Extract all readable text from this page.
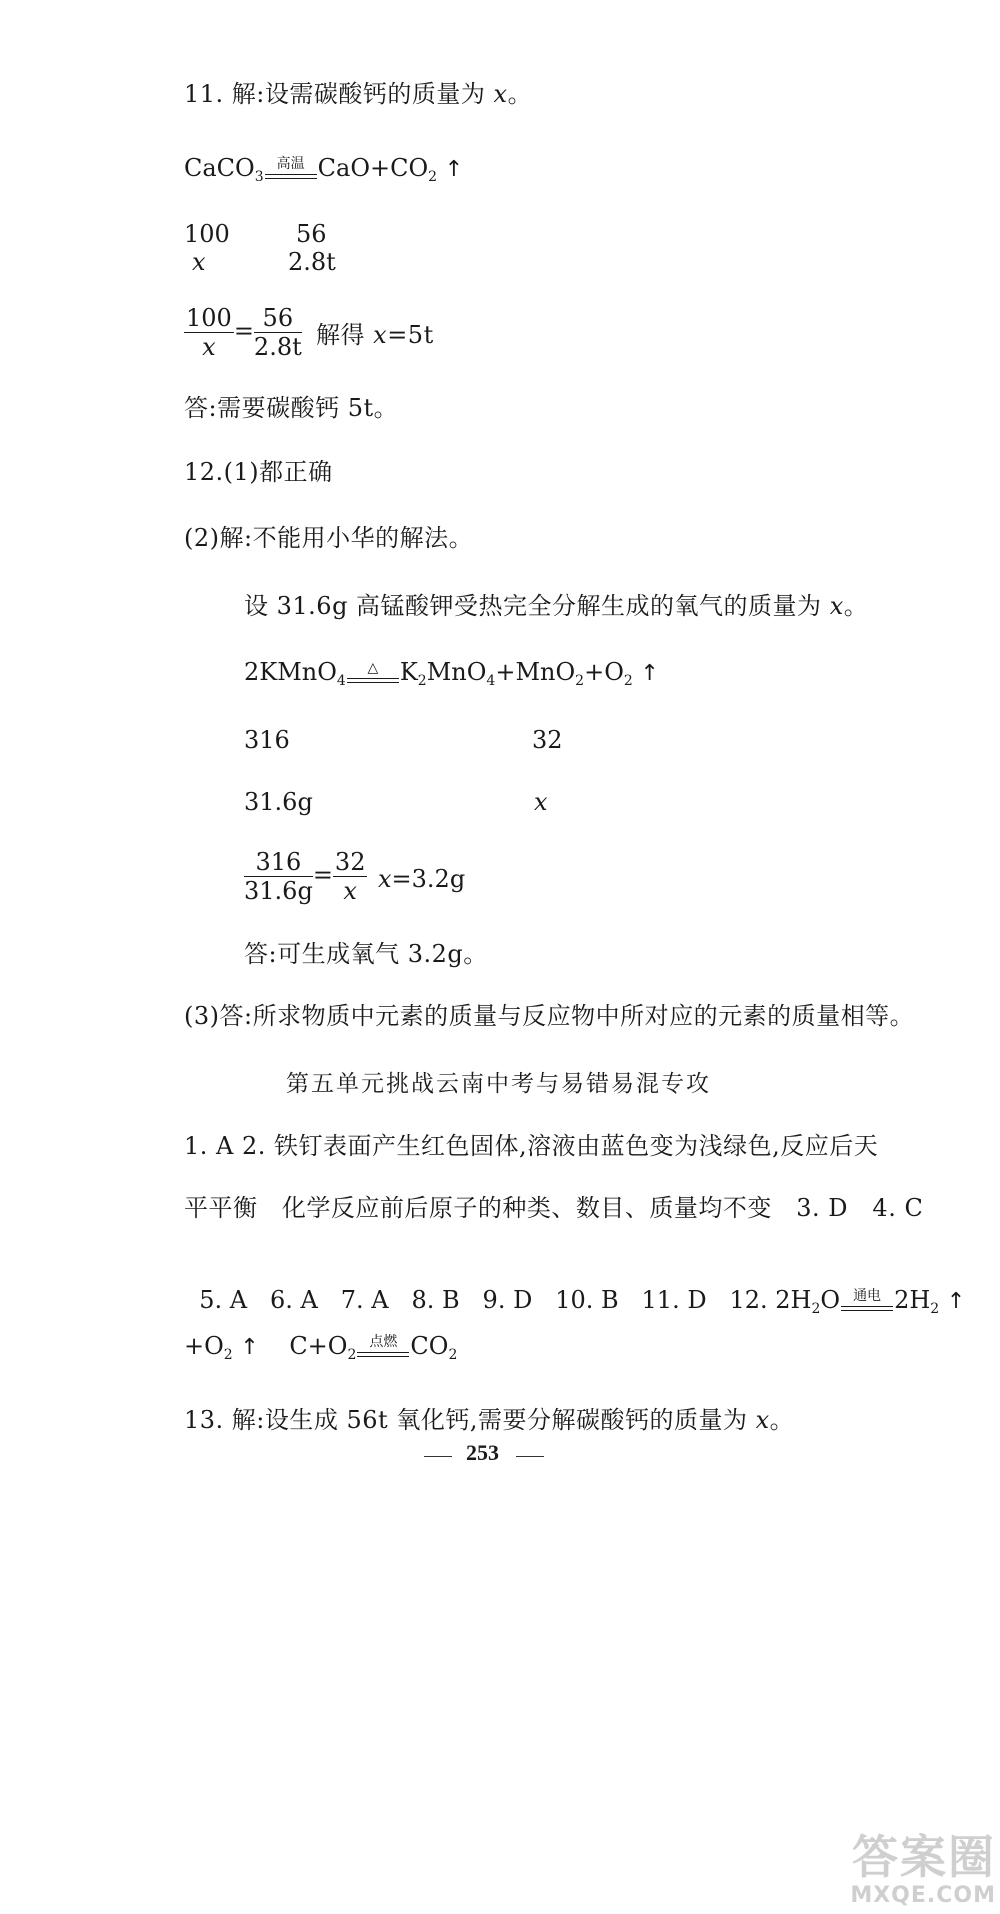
11. 解:设需碳酸钙的质量为 x。
CaCO$_3$
高温 $CaO+CO_2$ ↑
100	56
x	2.8t
$\frac{100}{x} = \frac{56}{2.8t}$ 解得 x=5t
答:需要碳酸钙 5t。
12.(1)都正确
(2)解:不能用小华的解法。
设 31.6g 高锰酸钾受热完全分解生成的氧气的质量为 x。
2KMnO$_4$
△ $K_2MnO_4+MnO_2+O_2$ ↑
316	32
31.6g	x
$\frac{316}{31.6g} = \frac{32}{x} x=3.2g$
答:可生成氧气 3.2g。
(3)答:所求物质中元素的质量与反应物中所对应的元素的质量相等。
第五单元挑战云南中考与易错易混专攻
1. A 2. 铁钉表面产生红色固体,溶液由蓝色变为浅绿色,反应后天
平平衡   化学反应前后原子的种类、数目、质量均不变   3. D   4. C

5. A   6. A   7. A   8. B   9. D   10. B   11. D   12. $2H_2O$ 通电 $2H_2$ ↑

$+O_2$ ↑    $C+O_2$
点燃 $CO_2$
13. 解:设生成 56t 氧化钙,需要分解碳酸钙的质量为 x。
253
答案圈
MXQE.COM
